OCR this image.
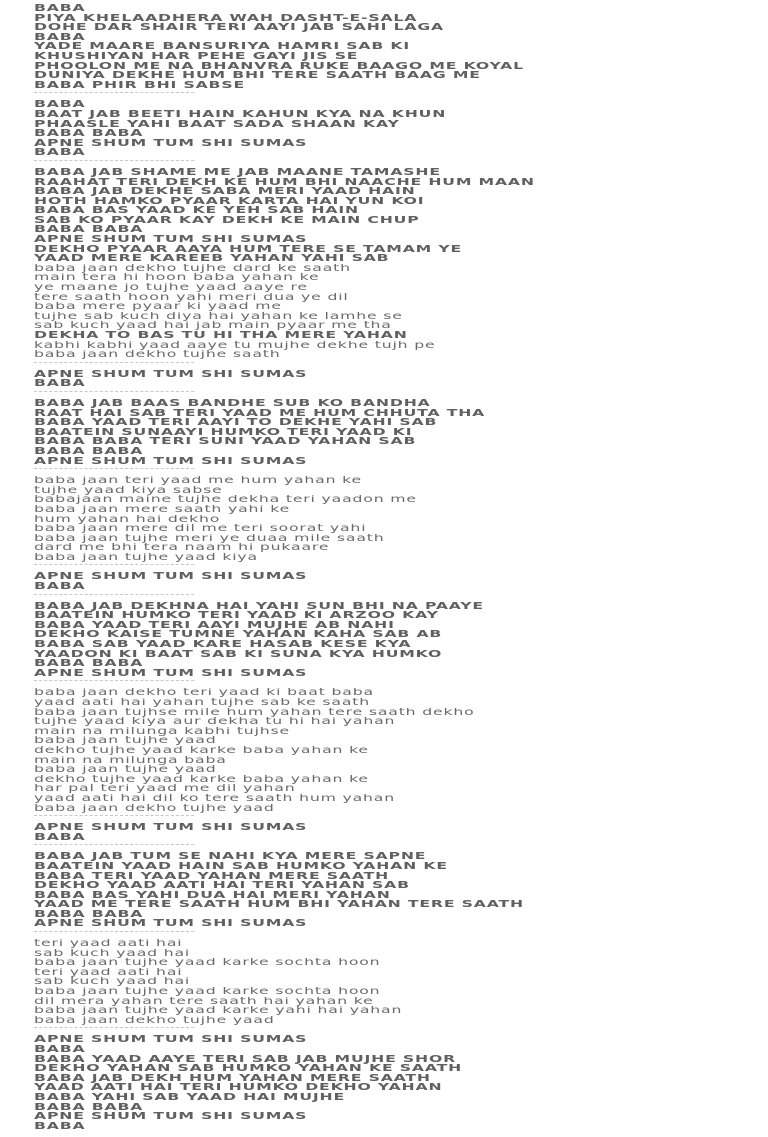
BABA
PIYA KHELAADHERA WAH DASHT-E-SALA
DOHE DAR SHAIR TERI AAYI JAB SAHI LAGA
BABA
YADE MAARE BANSURIYA HAMRI SAB KI
KHUSHIYAN HAR PEHE GAYI JIS SE
PHOOLON ME NA BHANVRA RUKE BAAGO ME KOYAL
DUNIYA DEKHE HUM BHI TERE SAATH BAAG ME
BABA PHIR BHI SABSE
BABA
BAAT JAB BEETI HAIN KAHUN KYA NA KHUN
PHAASLE YAHI BAAT SADA SHAAN KAY
BABA BABA
APNE SHUM TUM SHI SUMAS
BABA
BABA JAB SHAME ME JAB MAANE TAMASHE
RAAHAT TERI DEKH KE HUM BHI NAACHE HUM MAAN
BABA JAB DEKHE SABA MERI YAAD HAIN
HOTH HAMKO PYAAR KARTA HAI YUN KOI
BABA BAS YAAD KE YEH SAB HAIN
SAB KO PYAAR KAY DEKH KE MAIN CHUP
BABA BABA
APNE SHUM TUM SHI SUMAS
DEKHO PYAAR AAYA HUM TERE SE TAMAM YE
YAAD MERE KAREEB YAHAN YAHI SAB
baba jaan dekho tujhe dard ke saath
main tera hi hoon baba yahan ke
ye maane jo tujhe yaad aaye re
tere saath hoon yahi meri dua ye dil
baba mere pyaar ki yaad me
tujhe sab kuch diya hai yahan ke lamhe se
sab kuch yaad hai jab main pyaar me tha
DEKHA TO BAS TU HI THA MERE YAHAN
kabhi kabhi yaad aaye tu mujhe dekhe tujh pe
baba jaan dekho tujhe saath
APNE SHUM TUM SHI SUMAS
BABA
BABA JAB BAAS BANDHE SUB KO BANDHA
RAAT HAI SAB TERI YAAD ME HUM CHHUTA THA
BABA YAAD TERI AAYI TO DEKHE YAHI SAB
BAATEIN SUNAAYI HUMKO TERI YAAD KI
BABA BABA TERI SUNI YAAD YAHAN SAB
BABA BABA
APNE SHUM TUM SHI SUMAS
baba jaan teri yaad me hum yahan ke
tujhe yaad kiya sabse
babajaan maine tujhe dekha teri yaadon me
baba jaan mere saath yahi ke
hum yahan hai dekho
baba jaan mere dil me teri soorat yahi
baba jaan tujhe meri ye duaa mile saath
dard me bhi tera naam hi pukaare
baba jaan tujhe yaad kiya
APNE SHUM TUM SHI SUMAS
BABA
BABA JAB DEKHNA HAI YAHI SUN BHI NA PAAYE
BAATEIN HUMKO TERI YAAD KI ARZOO KAY
BABA YAAD TERI AAYI MUJHE AB NAHI
DEKHO KAISE TUMNE YAHAN KAHA SAB AB
BABA SAB YAAD KARE HASAB KESE KYA
YAADON KI BAAT SAB KI SUNA KYA HUMKO
BABA BABA
APNE SHUM TUM SHI SUMAS
baba jaan dekho teri yaad ki baat baba
yaad aati hai yahan tujhe sab ke saath
baba jaan tujhse mile hum yahan tere saath dekho
tujhe yaad kiya aur dekha tu hi hai yahan
main na milunga kabhi tujhse
baba jaan tujhe yaad
dekho tujhe yaad karke baba yahan ke
main na milunga baba
baba jaan tujhe yaad
dekho tujhe yaad karke baba yahan ke
har pal teri yaad me dil yahan
yaad aati hai dil ko tere saath hum yahan
baba jaan dekho tujhe yaad
APNE SHUM TUM SHI SUMAS
BABA
BABA JAB TUM SE NAHI KYA MERE SAPNE
BAATEIN YAAD HAIN SAB HUMKO YAHAN KE
BABA TERI YAAD YAHAN MERE SAATH
DEKHO YAAD AATI HAI TERI YAHAN SAB
BABA BAS YAHI DUA HAI MERI YAHAN
YAAD ME TERE SAATH HUM BHI YAHAN TERE SAATH
BABA BABA
APNE SHUM TUM SHI SUMAS
teri yaad aati hai
sab kuch yaad hai
baba jaan tujhe yaad karke sochta hoon
teri yaad aati hai
sab kuch yaad hai
baba jaan tujhe yaad karke sochta hoon
dil mera yahan tere saath hai yahan ke
baba jaan tujhe yaad karke yahi hai yahan
baba jaan dekho tujhe yaad
APNE SHUM TUM SHI SUMAS
BABA
BABA YAAD AAYE TERI SAB JAB MUJHE SHOR
DEKHO YAHAN SAB HUMKO YAHAN KE SAATH
BABA JAB DEKH HUM YAHAN MERE SAATH
YAAD AATI HAI TERI HUMKO DEKHO YAHAN
BABA YAHI SAB YAAD HAI MUJHE
BABA BABA
APNE SHUM TUM SHI SUMAS
BABA
